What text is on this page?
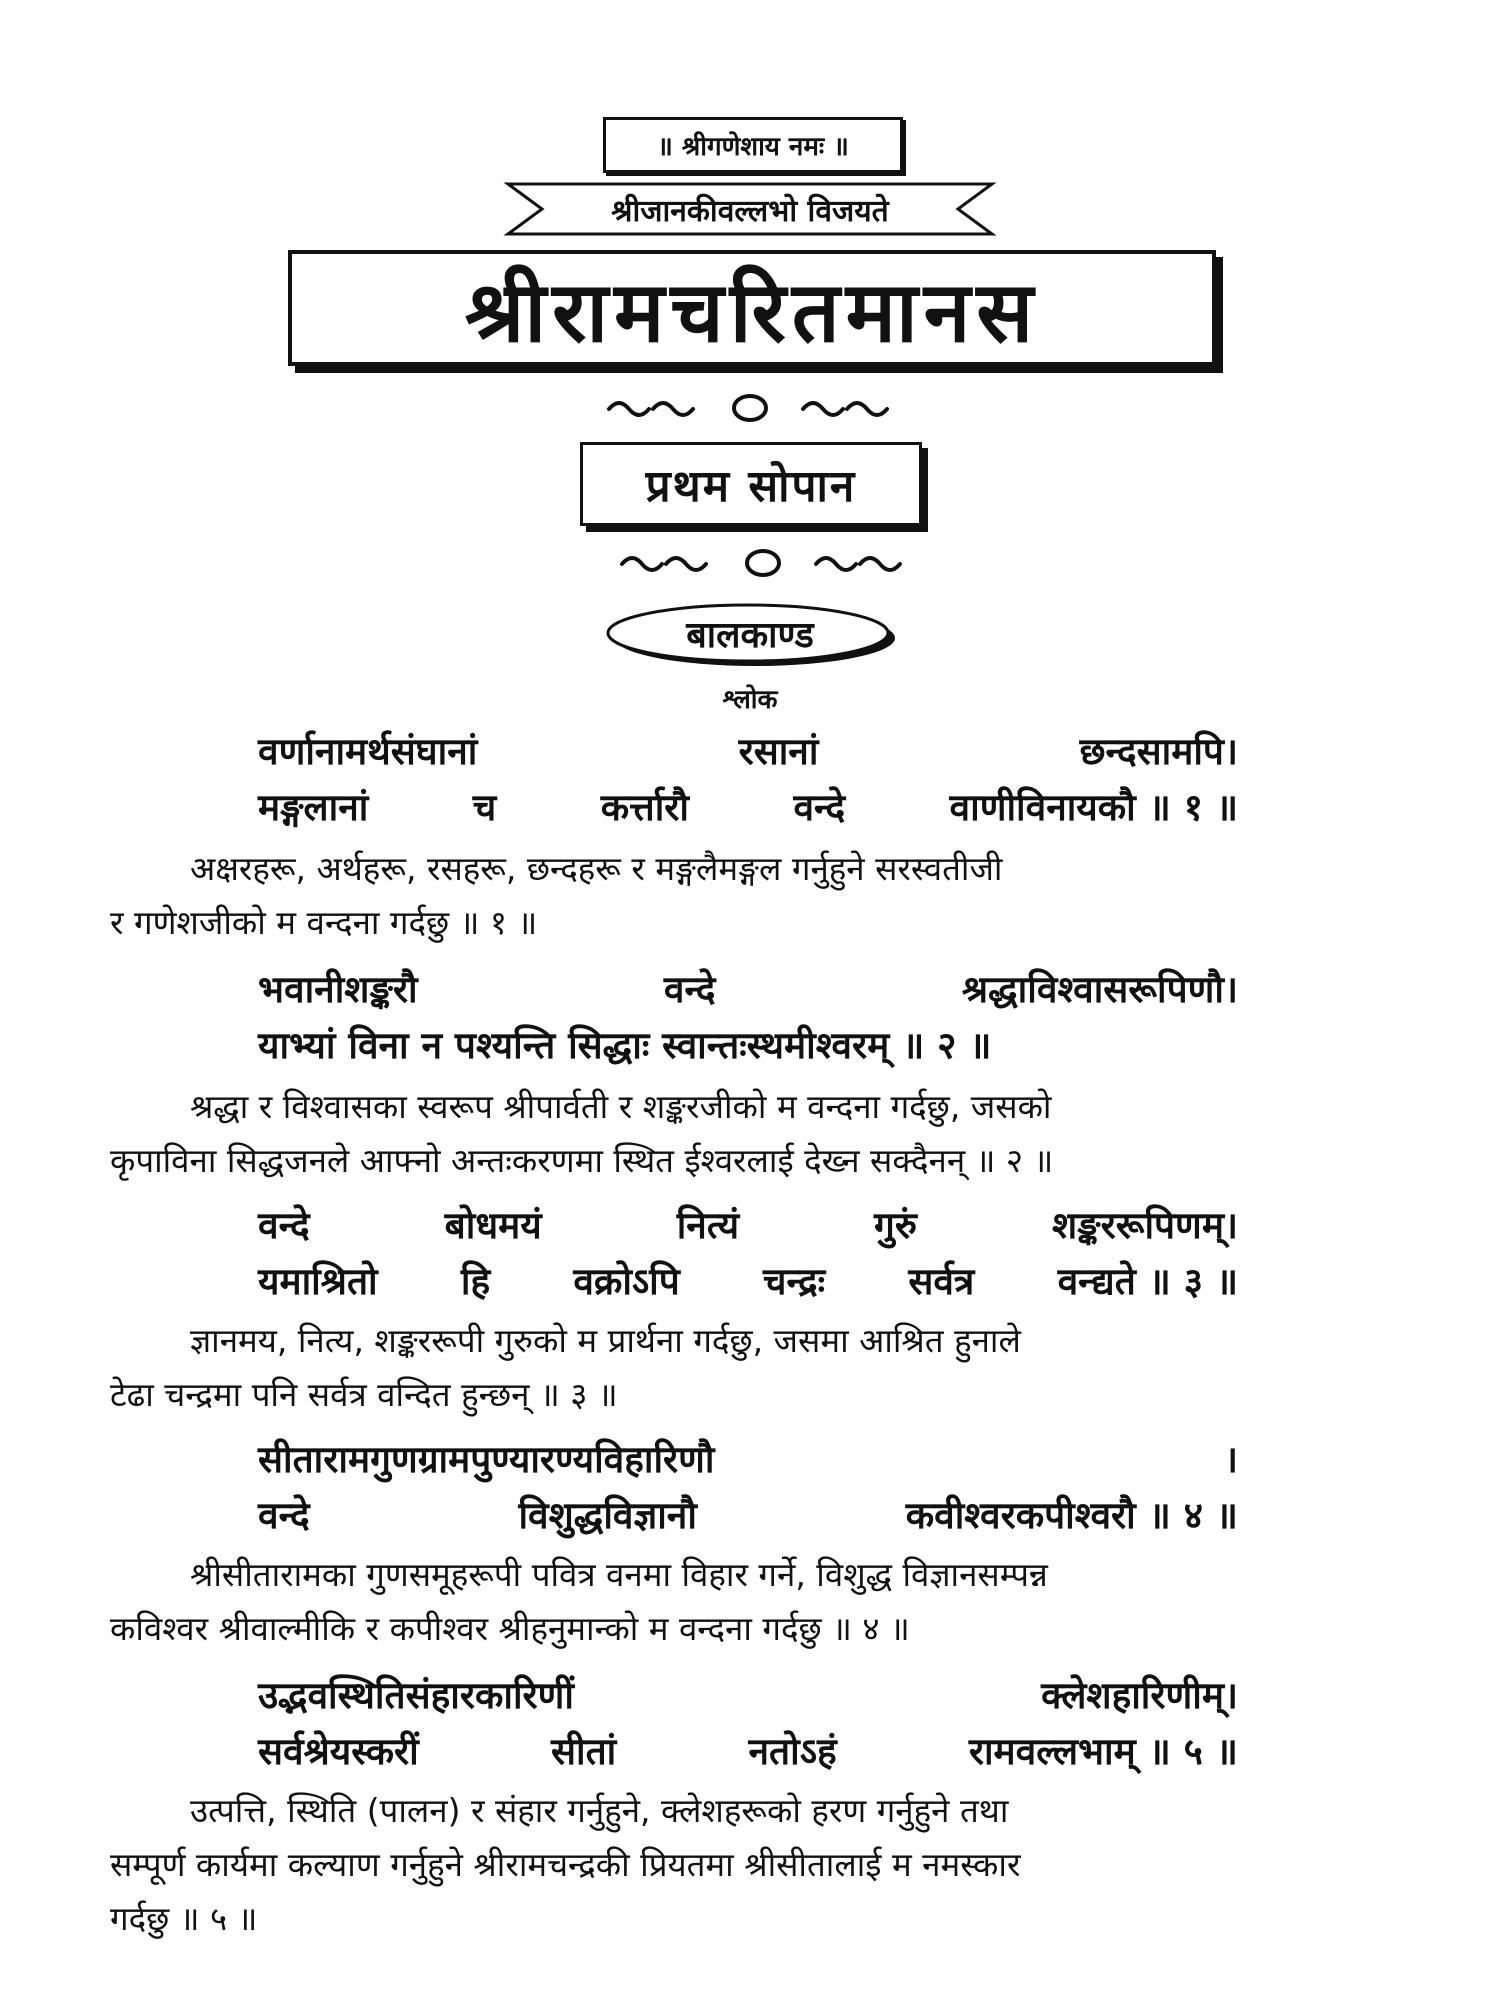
॥ श्रीगणेशाय नमः ॥
श्रीजानकीवल्लभो विजयते
श्रीरामचरितमानस
प्रथम सोपान
बालकाण्ड
श्लोक
वर्णानामर्थसंघानां	रसानां	छन्दसामपि।
मङ्गलानां	च	कर्त्तारौ	वन्दे	वाणीविनायकौ ॥ १ ॥
अक्षरहरू, अर्थहरू, रसहरू, छन्दहरू र मङ्गलैमङ्गल गर्नुहुने सरस्वतीजी
र गणेशजीको म वन्दना गर्दछु ॥ १ ॥
भवानीशङ्करौ	वन्दे	श्रद्धाविश्वासरूपिणौ।
याभ्यां विना न पश्यन्ति सिद्धाः स्वान्तःस्थमीश्वरम् ॥ २ ॥
श्रद्धा र विश्वासका स्वरूप श्रीपार्वती र शङ्करजीको म वन्दना गर्दछु, जसको
कृपाविना सिद्धजनले आफ्नो अन्तःकरणमा स्थित ईश्वरलाई देख्न सक्दैनन् ॥ २ ॥
वन्दे	बोधमयं	नित्यं	गुरुं	शङ्कररूपिणम्।
यमाश्रितो हि वक्रोऽपि चन्द्रः सर्वत्र वन्द्यते ॥ ३ ॥
ज्ञानमय, नित्य, शङ्कररूपी गुरुको म प्रार्थना गर्दछु, जसमा आश्रित हुनाले
टेढा चन्द्रमा पनि सर्वत्र वन्दित हुन्छन् ॥ ३ ॥
सीतारामगुणग्रामपुण्यारण्यविहारिणौ	।
वन्दे	विशुद्धविज्ञानौ	कवीश्वरकपीश्वरौ ॥ ४ ॥
श्रीसीतारामका गुणसमूहरूपी पवित्र वनमा विहार गर्ने, विशुद्ध विज्ञानसम्पन्न
कविश्वर श्रीवाल्मीकि र कपीश्वर श्रीहनुमान्को म वन्दना गर्दछु ॥ ४ ॥
उद्भवस्थितिसंहारकारिणीं	क्लेशहारिणीम्।
सर्वश्रेयस्करीं	सीतां	नतोऽहं	रामवल्लभाम् ॥ ५ ॥
उत्पत्ति, स्थिति (पालन) र संहार गर्नुहुने, क्लेशहरूको हरण गर्नुहुने तथा
सम्पूर्ण कार्यमा कल्याण गर्नुहुने श्रीरामचन्द्रकी प्रियतमा श्रीसीतालाई म नमस्कार
गर्दछु ॥ ५ ॥
